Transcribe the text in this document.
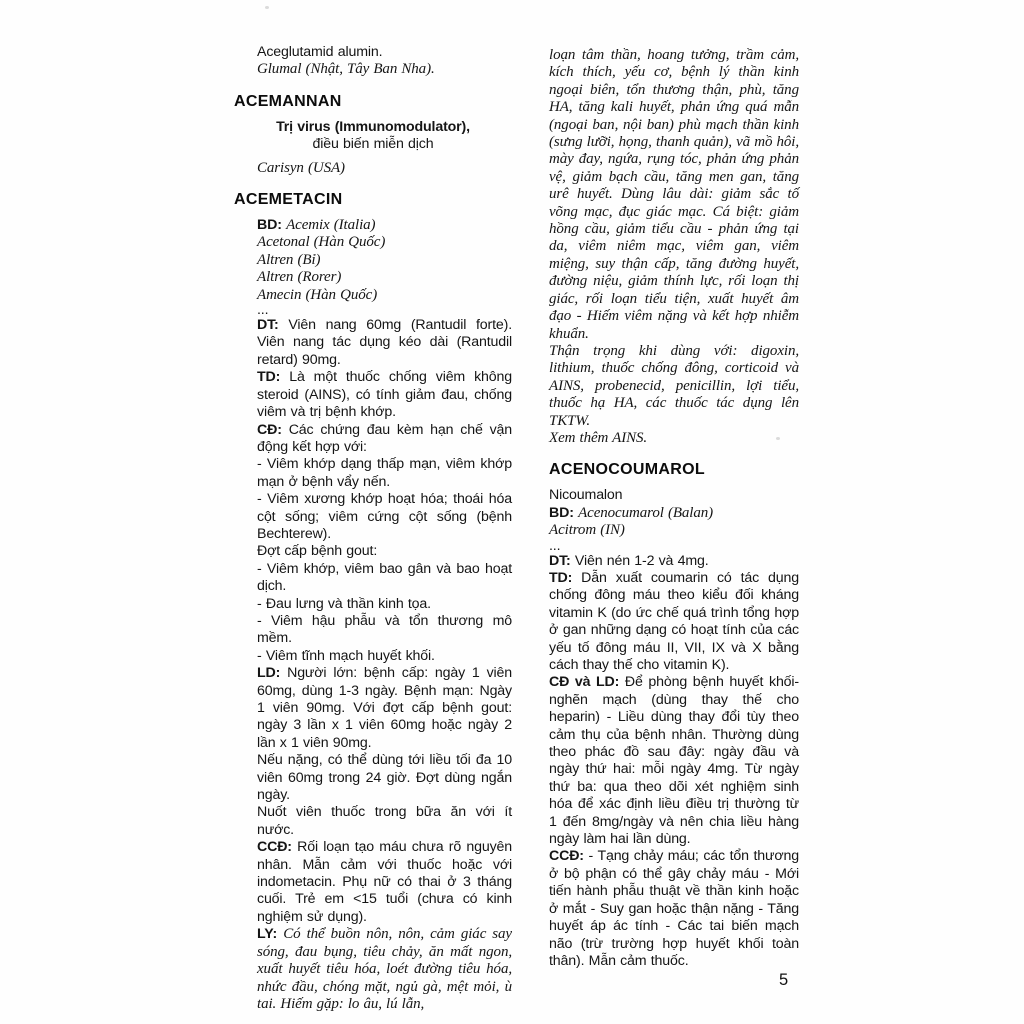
Aceglutamid alumin.
Glumal (Nhật, Tây Ban Nha).
ACEMANNAN
Trị virus (Immunomodulator),
điều biến miễn dịch
Carisyn (USA)
ACEMETACIN
BD: Acemix (Italia)
Acetonal (Hàn Quốc)
Altren (Bỉ)
Altren (Rorer)
Amecin (Hàn Quốc)
...
DT: Viên nang 60mg (Rantudil forte). Viên nang tác dụng kéo dài (Rantudil retard) 90mg.
TD: Là một thuốc chống viêm không steroid (AINS), có tính giảm đau, chống viêm và trị bệnh khớp.
CĐ: Các chứng đau kèm hạn chế vận động kết hợp với:
- Viêm khớp dạng thấp mạn, viêm khớp mạn ở bệnh vẩy nến.
- Viêm xương khớp hoạt hóa; thoái hóa cột sống; viêm cứng cột sống (bệnh Bechterew).
Đợt cấp bệnh gout:
- Viêm khớp, viêm bao gân và bao hoạt dịch.
- Đau lưng và thần kinh tọa.
- Viêm hậu phẫu và tổn thương mô mềm.
- Viêm tĩnh mạch huyết khối.
LD: Người lớn: bệnh cấp: ngày 1 viên 60mg, dùng 1-3 ngày. Bệnh mạn: Ngày 1 viên 90mg. Với đợt cấp bệnh gout: ngày 3 lần x 1 viên 60mg hoặc ngày 2 lần x 1 viên 90mg.
Nếu nặng, có thể dùng tới liều tối đa 10 viên 60mg trong 24 giờ. Đợt dùng ngắn ngày.
Nuốt viên thuốc trong bữa ăn với ít nước.
CCĐ: Rối loạn tạo máu chưa rõ nguyên nhân. Mẫn cảm với thuốc hoặc với indometacin. Phụ nữ có thai ở 3 tháng cuối. Trẻ em <15 tuổi (chưa có kinh nghiệm sử dụng).
LY: Có thể buồn nôn, nôn, cảm giác say sóng, đau bụng, tiêu chảy, ăn mất ngon, xuất huyết tiêu hóa, loét đường tiêu hóa, nhức đầu, chóng mặt, ngủ gà, mệt mỏi, ù tai. Hiếm gặp: lo âu, lú lẫn,
loạn tâm thần, hoang tưởng, trầm cảm, kích thích, yếu cơ, bệnh lý thần kinh ngoại biên, tổn thương thận, phù, tăng HA, tăng kali huyết, phản ứng quá mẫn (ngoại ban, nội ban) phù mạch thần kinh (sưng lưỡi, họng, thanh quản), vã mồ hôi, mày đay, ngứa, rụng tóc, phản ứng phản vệ, giảm bạch cầu, tăng men gan, tăng urê huyết. Dùng lâu dài: giảm sắc tố võng mạc, đục giác mạc. Cá biệt: giảm hồng cầu, giảm tiểu cầu - phản ứng tại da, viêm niêm mạc, viêm gan, viêm miệng, suy thận cấp, tăng đường huyết, đường niệu, giảm thính lực, rối loạn thị giác, rối loạn tiểu tiện, xuất huyết âm đạo - Hiếm viêm nặng và kết hợp nhiễm khuẩn.
Thận trọng khi dùng với: digoxin, lithium, thuốc chống đông, corticoid và AINS, probenecid, penicillin, lợi tiểu, thuốc hạ HA, các thuốc tác dụng lên TKTW.
Xem thêm AINS.
ACENOCOUMAROL
Nicoumalon
BD: Acenocumarol (Balan)
Acitrom (IN)
...
DT: Viên nén 1-2 và 4mg.
TD: Dẫn xuất coumarin có tác dụng chống đông máu theo kiểu đối kháng vitamin K (do ức chế quá trình tổng hợp ở gan những dạng có hoạt tính của các yếu tố đông máu II, VII, IX và X bằng cách thay thế cho vitamin K).
CĐ và LD: Để phòng bệnh huyết khối-nghẽn mạch (dùng thay thế cho heparin) - Liều dùng thay đổi tùy theo cảm thụ của bệnh nhân. Thường dùng theo phác đồ sau đây: ngày đầu và ngày thứ hai: mỗi ngày 4mg. Từ ngày thứ ba: qua theo dõi xét nghiệm sinh hóa để xác định liều điều trị thường từ 1 đến 8mg/ngày và nên chia liều hàng ngày làm hai lần dùng.
CCĐ: - Tạng chảy máu; các tổn thương ở bộ phận có thể gây chảy máu - Mới tiến hành phẫu thuật về thần kinh hoặc ở mắt - Suy gan hoặc thận nặng - Tăng huyết áp ác tính - Các tai biến mạch não (trừ trường hợp huyết khối toàn thân). Mẫn cảm thuốc.
5
